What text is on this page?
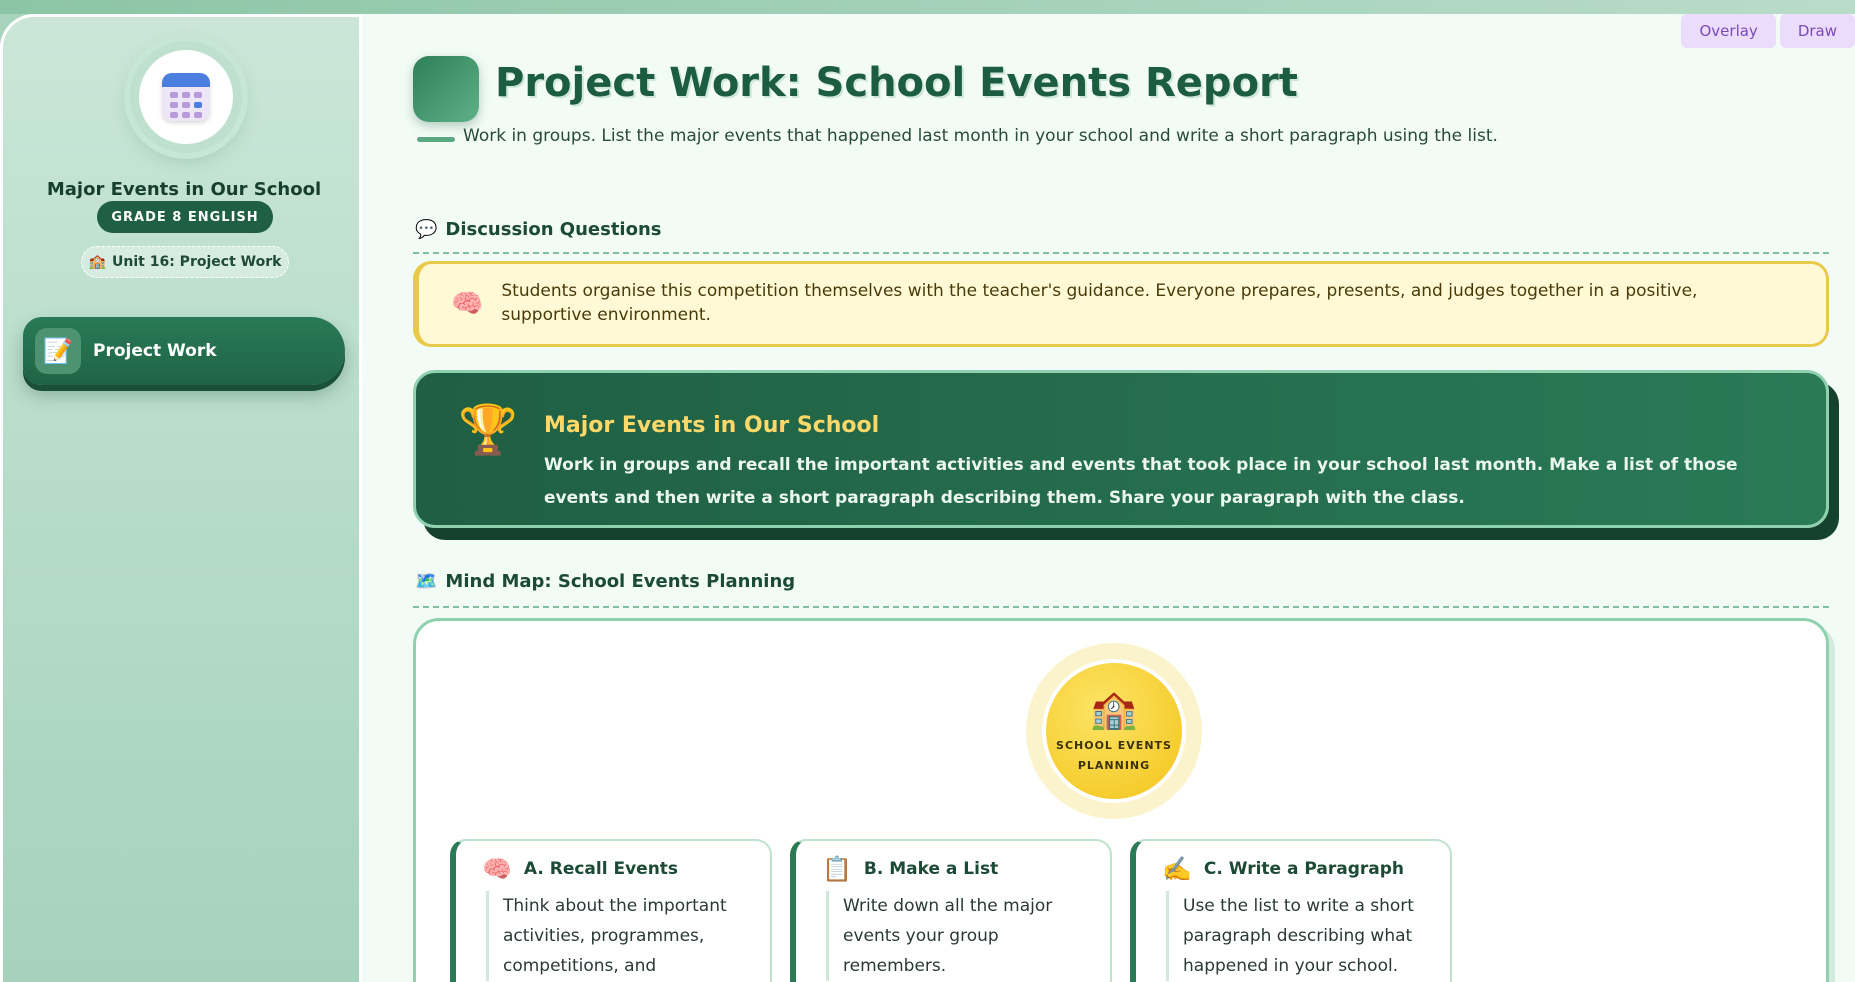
Major Events in Our School
GRADE 8 ENGLISH
🏫 Unit 16: Project Work
📝	Project Work
Overlay	Draw
Project Work: School Events Report

Work in groups. List the major events that happened last month in your school and write a short paragraph using the list.

💬 Discussion Questions
🧠 Students organise this competition themselves with the teacher's guidance. Everyone prepares, presents, and judges together in a positive, supportive environment.

🏆 Major Events in Our School

Work in groups and recall the important activities and events that took place in your school last month. Make a list of those events and then write a short paragraph describing them. Share your paragraph with the class.

🗺️ Mind Map: School Events Planning
🏫
SCHOOL EVENTS PLANNING
🧠 A. Recall Events

Think about the important activities, programmes, competitions, and

📋 B. Make a List

Write down all the major events your group remembers.

✍️ C. Write a Paragraph

Use the list to write a short paragraph describing what happened in your school.
